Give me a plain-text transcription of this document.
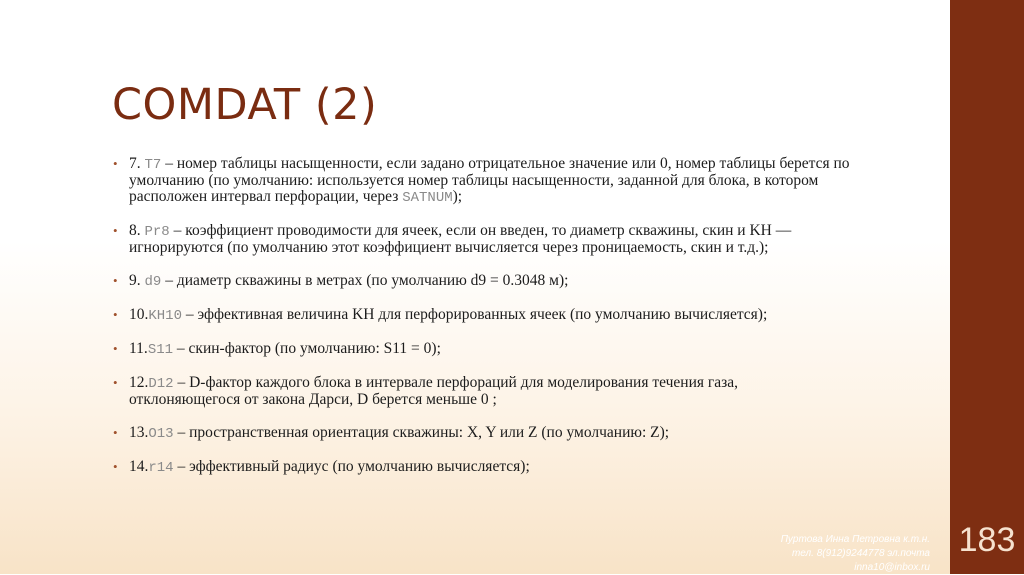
COMDAT (2)
• 7. T7 – номер таблицы насыщенности, если задано отрицательное значение или 0, номер таблицы берется по умолчанию (по умолчанию: используется номер таблицы насыщенности, заданной для блока, в котором расположен интервал перфорации, через SATNUM);
• 8. Pr8 – коэффициент проводимости для ячеек, если он введен, то диаметр скважины, скин и KH — игнорируются (по умолчанию этот коэффициент вычисляется через проницаемость, скин и т.д.);
• 9. d9 – диаметр скважины в метрах (по умолчанию d9 = 0.3048 м);
• 10.KH10 – эффективная величина KH для перфорированных ячеек (по умолчанию вычисляется);
• 11.S11 – скин-фактор (по умолчанию: S11 = 0);
• 12.D12 – D-фактор каждого блока в интервале перфораций для моделирования течения газа, отклоняющегося от закона Дарси, D берется меньше 0 ;
• 13.O13 – пространственная ориентация скважины: X, Y или Z (по умолчанию: Z);
• 14.r14 – эффективный радиус (по умолчанию вычисляется);
Пуртова Инна Петровна к.т.н.
тел. 8(912)9244778 эл.почта
inna10@inbox.ru
183
